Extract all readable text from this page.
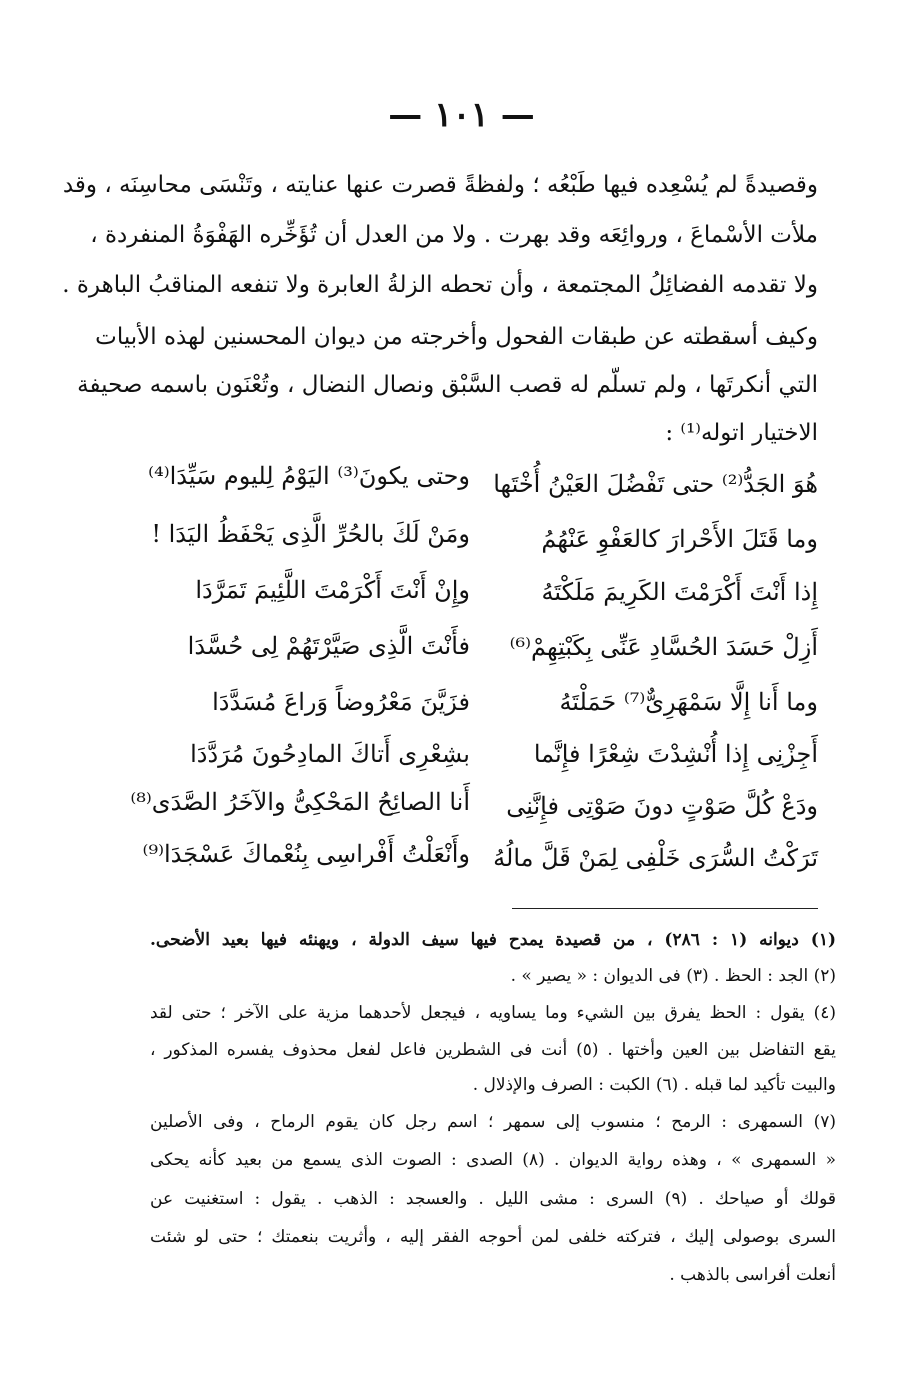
— ١٠١ —
وقصيدةً لم يُسْعِده فيها طَبْعُه ؛ ولفظةً قصرت عنها عنايته ، وتَنْسَى محاسِنَه ، وقد
ملأت الأسْماعَ ، وروائِعَه وقد بهرت . ولا من العدل أن تُؤَخِّره الهَفْوَةُ المنفردة ،
ولا تقدمه الفضائِلُ المجتمعة ، وأن تحطه الزلةُ العابرة ولا تنفعه المناقبُ الباهرة .
وكيف أسقطته عن طبقات الفحول وأخرجته من ديوان المحسنين لهذه الأبيات
التي أنكرتَها ، ولم تسلّم له قصب السَّبْق ونصال النضال ، وتُعْنَون باسمه صحيفة
الاختيار اتوله⁽¹⁾ :
هُوَ الجَدُّ⁽²⁾ حتى تَفْضُلَ العَيْنُ أُخْتَها
وحتى يكونَ⁽³⁾ اليَوْمُ لِليوم سَيِّدَا⁽⁴⁾
وما قَتَلَ الأَحْرارَ كالعَفْوِ عَنْهُمُ
ومَنْ لَكَ بالحُرِّ الَّذِى يَحْفَظُ اليَدَا !
إِذا أَنْتَ أَكْرَمْتَ الكَرِيمَ مَلَكْتَهُ
وإِنْ أَنْتَ أَكْرَمْتَ اللَّئِيمَ تَمَرَّدَا
أَزِلْ حَسَدَ الحُسَّادِ عَنِّى بِكَبْتِهِمْ⁽⁶⁾
فأَنْتَ الَّذِى صَيَّرْتَهُمْ لِى حُسَّدَا
وما أَنا إِلَّا سَمْهَرِىٌّ⁽⁷⁾ حَمَلْتَهُ
فزَيَّنَ مَعْرُوضاً وَراعَ مُسَدَّدَا
أَجِزْنِى إِذا أُنْشِدْتَ شِعْرًا فإِنَّما
بشِعْرِى أَتاكَ المادِحُونَ مُرَدَّدَا
ودَعْ كُلَّ صَوْتٍ دونَ صَوْتِى فإِنَّنِى
أَنا الصائِحُ المَحْكِىُّ والآخَرُ الصَّدَى⁽⁸⁾
تَرَكْتُ السُّرَى خَلْفِى لِمَنْ قَلَّ مالُهُ
وأَنْعَلْتُ أَفْراسِى بِنُعْماكَ عَسْجَدَا⁽⁹⁾
(١) ديوانه (١ : ٢٨٦) ، من قصيدة يمدح فيها سيف الدولة ، ويهنئه فيها بعيد الأضحى.
(٢) الجد : الحظ . (٣) فى الديوان : « يصير » .
(٤) يقول : الحظ يفرق بين الشيء وما يساويه ، فيجعل لأحدهما مزية على الآخر ؛ حتى لقد
يقع التفاضل بين العين وأختها . (٥) أنت فى الشطرين فاعل لفعل محذوف يفسره المذكور ،
والبيت تأكيد لما قبله . (٦) الكبت : الصرف والإذلال .
(٧) السمهرى : الرمح ؛ منسوب إلى سمهر ؛ اسم رجل كان يقوم الرماح ، وفى الأصلين
« السمهرى » ، وهذه رواية الديوان . (٨) الصدى : الصوت الذى يسمع من بعيد كأنه يحكى
قولك أو صياحك . (٩) السرى : مشى الليل . والعسجد : الذهب . يقول : استغنيت عن
السرى بوصولى إليك ، فتركته خلفى لمن أحوجه الفقر إليه ، وأثريت بنعمتك ؛ حتى لو شئت
أنعلت أفراسى بالذهب .
